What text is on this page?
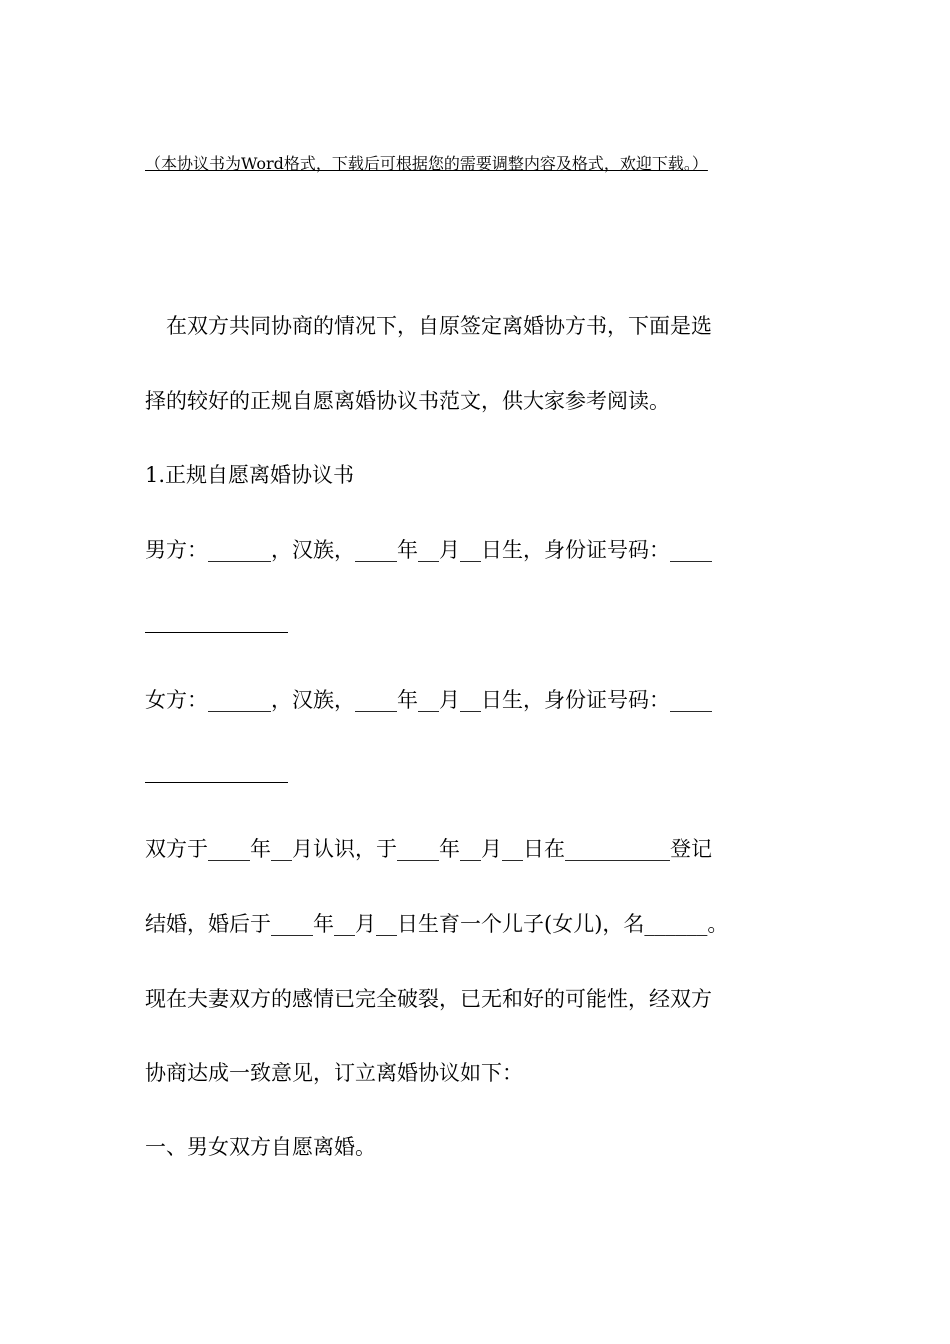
（本协议书为Word格式，下载后可根据您的需要调整内容及格式，欢迎下载。）
　在双方共同协商的情况下，自原签定离婚协方书，下面是选
择的较好的正规自愿离婚协议书范文，供大家参考阅读。
1.正规自愿离婚协议书
男方：______，汉族，____年__月__日生，身份证号码：____
女方：______，汉族，____年__月__日生，身份证号码：____
双方于____年__月认识，于____年__月__日在__________登记
结婚，婚后于____年__月__日生育一个儿子(女儿)，名______。
现在夫妻双方的感情已完全破裂，已无和好的可能性，经双方
协商达成一致意见，订立离婚协议如下：
一、男女双方自愿离婚。
